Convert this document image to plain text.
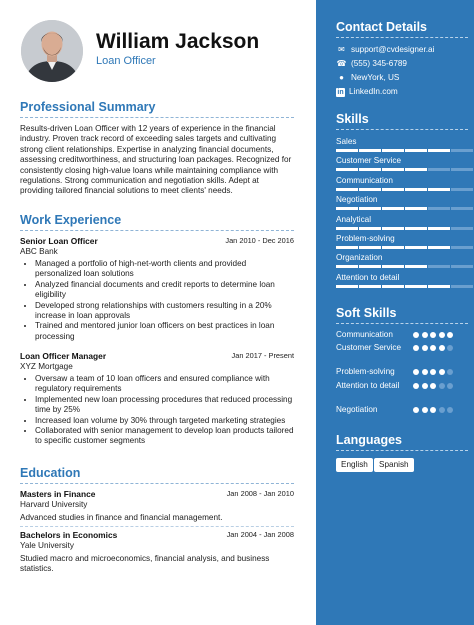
William Jackson
Loan Officer
Professional Summary
Results-driven Loan Officer with 12 years of experience in the financial industry. Proven track record of exceeding sales targets and cultivating strong client relationships. Expertise in analyzing financial documents, assessing creditworthiness, and structuring loan packages. Recognized for consistently closing high-value loans while maintaining compliance with regulations. Strong communication and negotiation skills. Adept at providing tailored financial solutions to meet clients' needs.
Work Experience
Senior Loan Officer	Jan 2010 - Dec 2016
ABC Bank
• Managed a portfolio of high-net-worth clients and provided personalized loan solutions
• Analyzed financial documents and credit reports to determine loan eligibility
• Developed strong relationships with customers resulting in a 20% increase in loan approvals
• Trained and mentored junior loan officers on best practices in loan processing
Loan Officer Manager	Jan 2017 - Present
XYZ Mortgage
• Oversaw a team of 10 loan officers and ensured compliance with regulatory requirements
• Implemented new loan processing procedures that reduced processing time by 25%
• Increased loan volume by 30% through targeted marketing strategies
• Collaborated with senior management to develop loan products tailored to specific customer segments
Education
Masters in Finance	Jan 2008 - Jan 2010
Harvard University
Advanced studies in finance and financial management.
Bachelors in Economics	Jan 2004 - Jan 2008
Yale University
Studied macro and microeconomics, financial analysis, and business statistics.
Contact Details
✉ support@cvdesigner.ai
☎ (555) 345-6789
● NewYork, US
in LinkedIn.com
Skills
Sales
Customer Service
Communication
Negotiation
Analytical
Problem-solving
Organization
Attention to detail
Soft Skills
Communication
Customer Service
Problem-solving
Attention to detail
Negotiation
Languages
English	Spanish
